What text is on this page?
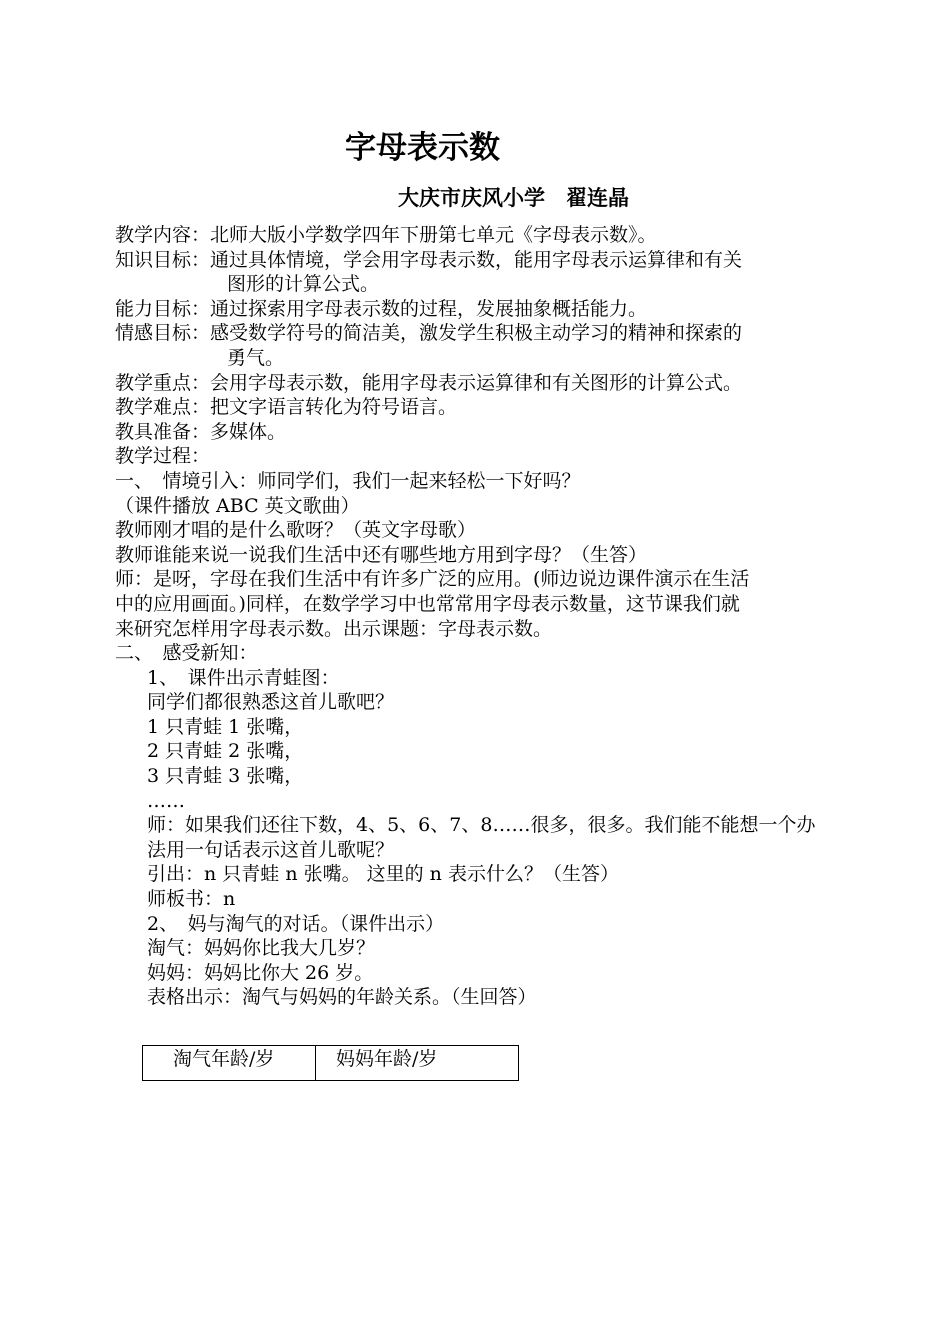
字母表示数
大庆市庆风小学　翟连晶
教学内容：北师大版小学数学四年下册第七单元《字母表示数》。
知识目标：通过具体情境，学会用字母表示数，能用字母表示运算律和有关
图形的计算公式。
能力目标：通过探索用字母表示数的过程，发展抽象概括能力。
情感目标：感受数学符号的简洁美，激发学生积极主动学习的精神和探索的
勇气。
教学重点：会用字母表示数，能用字母表示运算律和有关图形的计算公式。
教学难点：把文字语言转化为符号语言。
教具准备：多媒体。
教学过程：
一、　情境引入：师同学们，我们一起来轻松一下好吗？
（课件播放 ABC 英文歌曲）
教师刚才唱的是什么歌呀？（英文字母歌）
教师谁能来说一说我们生活中还有哪些地方用到字母？（生答）
师：是呀，字母在我们生活中有许多广泛的应用。(师边说边课件演示在生活
中的应用画面。)同样，在数学学习中也常常用字母表示数量，这节课我们就
来研究怎样用字母表示数。出示课题：字母表示数。
二、　感受新知：
1、　课件出示青蛙图：
同学们都很熟悉这首儿歌吧？
1 只青蛙 1 张嘴，
2 只青蛙 2 张嘴，
3 只青蛙 3 张嘴，
……
师：如果我们还往下数，4、5、6、7、8……很多，很多。我们能不能想一个办
法用一句话表示这首儿歌呢？
引出：n 只青蛙 n 张嘴。 这里的 n 表示什么？（生答）
师板书：n
2、　妈与淘气的对话。（课件出示）
淘气：妈妈你比我大几岁？
妈妈：妈妈比你大 26 岁。
表格出示：淘气与妈妈的年龄关系。（生回答）
淘气年龄/岁	妈妈年龄/岁
